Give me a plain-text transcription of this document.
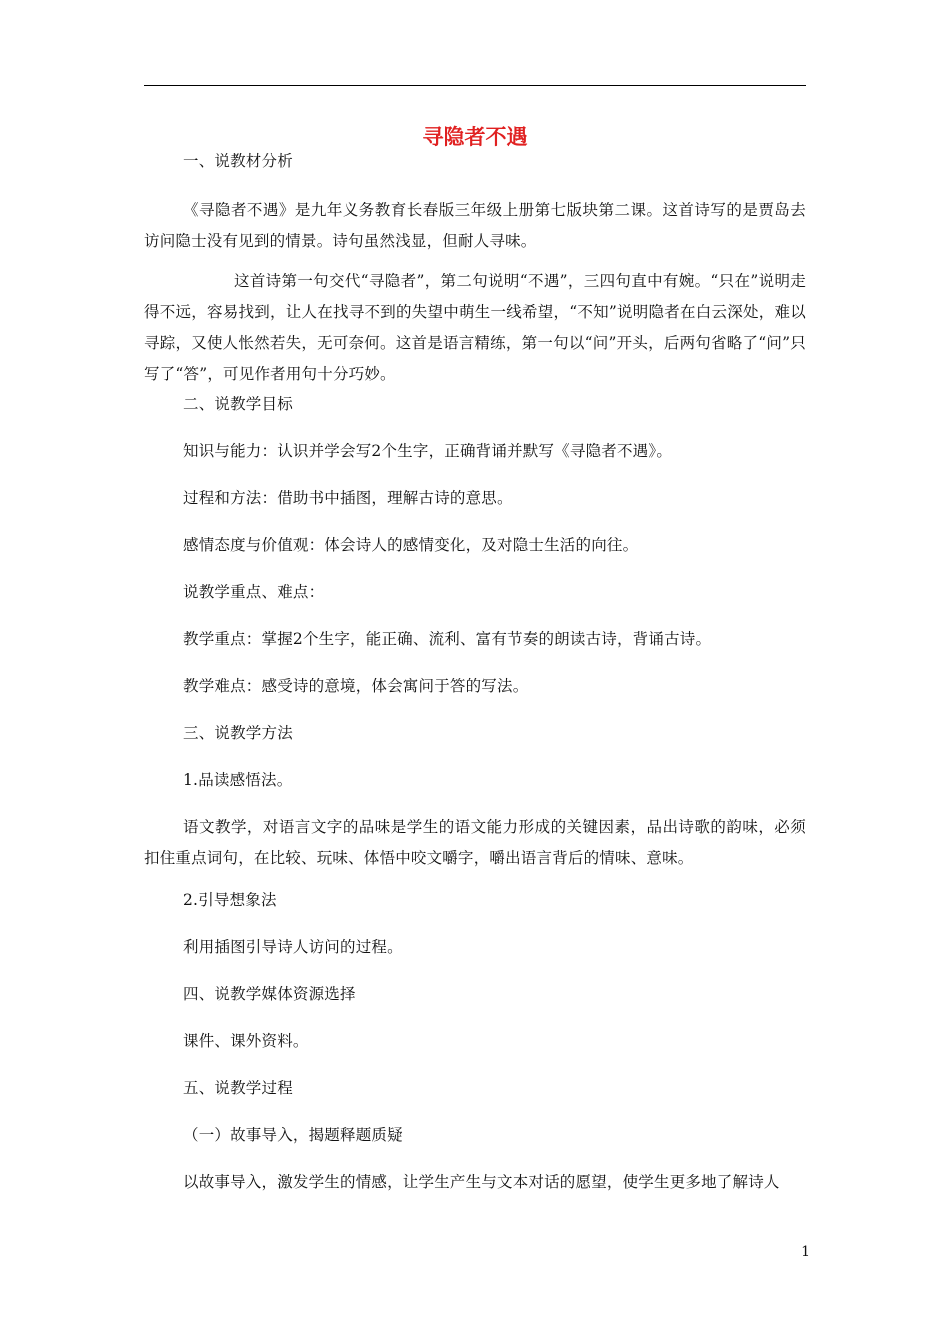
寻隐者不遇
一、说教材分析
《寻隐者不遇》是九年义务教育长春版三年级上册第七版块第二课。这首诗写的是贾岛去访问隐士没有见到的情景。诗句虽然浅显，但耐人寻味。
这首诗第一句交代“寻隐者”，第二句说明“不遇”，三四句直中有婉。“只在”说明走得不远，容易找到，让人在找寻不到的失望中萌生一线希望，“不知”说明隐者在白云深处，难以寻踪，又使人怅然若失，无可奈何。这首是语言精练，第一句以“问”开头，后两句省略了“问”只写了“答”，可见作者用句十分巧妙。
二、说教学目标
知识与能力：认识并学会写2个生字，正确背诵并默写《寻隐者不遇》。
过程和方法：借助书中插图，理解古诗的意思。
感情态度与价值观：体会诗人的感情变化，及对隐士生活的向往。
说教学重点、难点：
教学重点：掌握2个生字，能正确、流利、富有节奏的朗读古诗，背诵古诗。
教学难点：感受诗的意境，体会寓问于答的写法。
三、说教学方法
1.品读感悟法。
语文教学，对语言文字的品味是学生的语文能力形成的关键因素，品出诗歌的韵味，必须扣住重点词句，在比较、玩味、体悟中咬文嚼字，嚼出语言背后的情味、意味。
2.引导想象法
利用插图引导诗人访问的过程。
四、说教学媒体资源选择
课件、课外资料。
五、说教学过程
（一）故事导入，揭题释题质疑
以故事导入，激发学生的情感，让学生产生与文本对话的愿望，使学生更多地了解诗人
1
